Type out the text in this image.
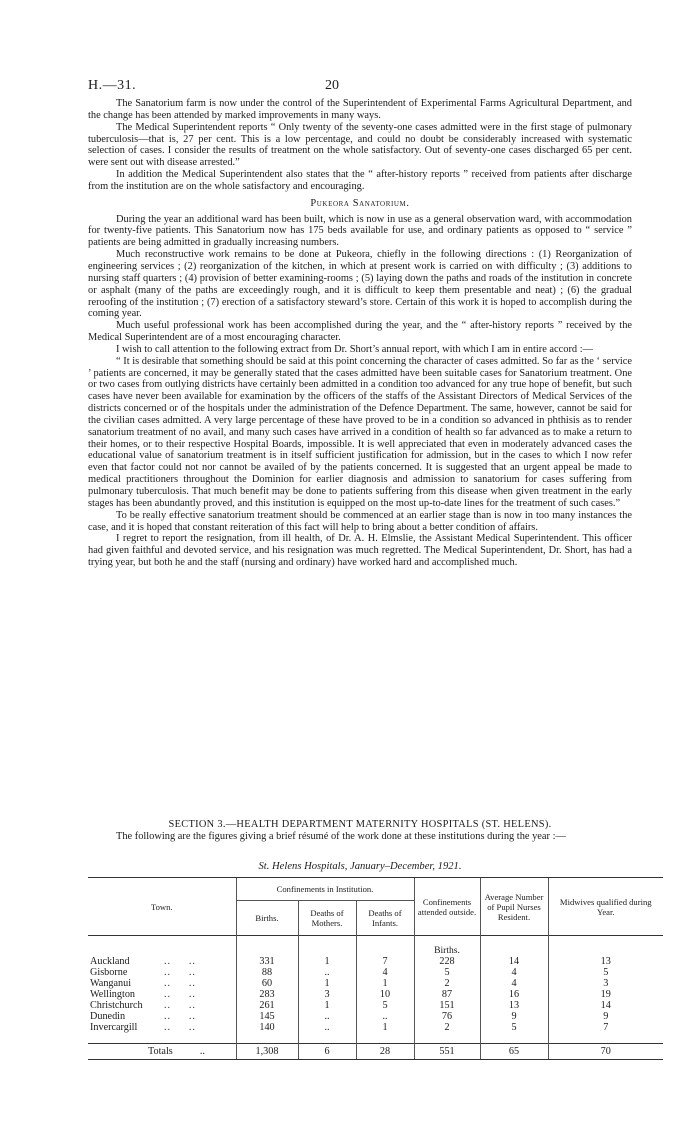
H.—31.	20

The Sanatorium farm is now under the control of the Superintendent of Experimental Farms Agricultural Department, and the change has been attended by marked improvements in many ways.

The Medical Superintendent reports “ Only twenty of the seventy-one cases admitted were in the first stage of pulmonary tuberculosis—that is, 27 per cent. This is a low percentage, and could no doubt be considerably increased with systematic selection of cases. I consider the results of treatment on the whole satisfactory. Out of seventy-one cases discharged 65 per cent. were sent out with disease arrested.”

In addition the Medical Superintendent also states that the “ after-history reports ” received from patients after discharge from the institution are on the whole satisfactory and encouraging.

Pukeora Sanatorium.

During the year an additional ward has been built, which is now in use as a general observation ward, with accommodation for twenty-five patients. This Sanatorium now has 175 beds available for use, and ordinary patients as opposed to “ service ” patients are being admitted in gradually increasing numbers.

Much reconstructive work remains to be done at Pukeora, chiefly in the following directions : (1) Reorganization of engineering services ; (2) reorganization of the kitchen, in which at present work is carried on with difficulty ; (3) additions to nursing staff quarters ; (4) provision of better examining-rooms ; (5) laying down the paths and roads of the institution in concrete or asphalt (many of the paths are exceedingly rough, and it is difficult to keep them presentable and neat) ; (6) the gradual reroofing of the institution ; (7) erection of a satisfactory steward’s store. Certain of this work it is hoped to accomplish during the coming year.

Much useful professional work has been accomplished during the year, and the “ after-history reports ” received by the Medical Superintendent are of a most encouraging character.

I wish to call attention to the following extract from Dr. Short’s annual report, with which I am in entire accord :—

“ It is desirable that something should be said at this point concerning the character of cases admitted. So far as the ‘ service ’ patients are concerned, it may be generally stated that the cases admitted have been suitable cases for Sanatorium treatment. One or two cases from outlying districts have certainly been admitted in a condition too advanced for any true hope of benefit, but such cases have never been available for examination by the officers of the staffs of the Assistant Directors of Medical Services of the districts concerned or of the hospitals under the administration of the Defence Department. The same, however, cannot be said for the civilian cases admitted. A very large percentage of these have proved to be in a condition so advanced in phthisis as to render sanatorium treatment of no avail, and many such cases have arrived in a condition of health so far advanced as to make a return to their homes, or to their respective Hospital Boards, impossible. It is well appreciated that even in moderately advanced cases the educational value of sanatorium treatment is in itself sufficient justification for admission, but in the cases to which I now refer even that factor could not nor cannot be availed of by the patients concerned. It is suggested that an urgent appeal be made to medical practitioners throughout the Dominion for earlier diagnosis and admission to sanatorium for cases suffering from pulmonary tuberculosis. That much benefit may be done to patients suffering from this disease when given treatment in the early stages has been abundantly proved, and this institution is equipped on the most up-to-date lines for the treatment of such cases.”

To be really effective sanatorium treatment should be commenced at an earlier stage than is now in too many instances the case, and it is hoped that constant reiteration of this fact will help to bring about a better condition of affairs.

I regret to report the resignation, from ill health, of Dr. A. H. Elmslie, the Assistant Medical Superintendent. This officer had given faithful and devoted service, and his resignation was much regretted. The Medical Superintendent, Dr. Short, has had a trying year, but both he and the staff (nursing and ordinary) have worked hard and accomplished much.

SECTION 3.—HEALTH DEPARTMENT MATERNITY HOSPITALS (ST. HELENS).

The following are the figures giving a brief résumé of the work done at these institutions during the year :—

St. Helens Hospitals, January–December, 1921.
Town.	Confinements in Institution.			Confinements attended outside.	Average Number of Pupil Nurses Resident.	Midwives qualified during Year.
	Births.	Deaths of Mothers.	Deaths of Infants.			
				Births.		
Auckland ..     ..	331	1	7	228	14	13
Gisborne ..     ..	88	..	4	5	4	5
Wanganui ..     ..	60	1	1	2	4	3
Wellington ..     ..	283	3	10	87	16	19
Christchurch ..     ..	261	1	5	151	13	14
Dunedin ..     ..	145	..	..	76	9	9
Invercargill ..     ..	140	..	1	2	5	7

Totals ..	1,308	6	28	551	65	70
